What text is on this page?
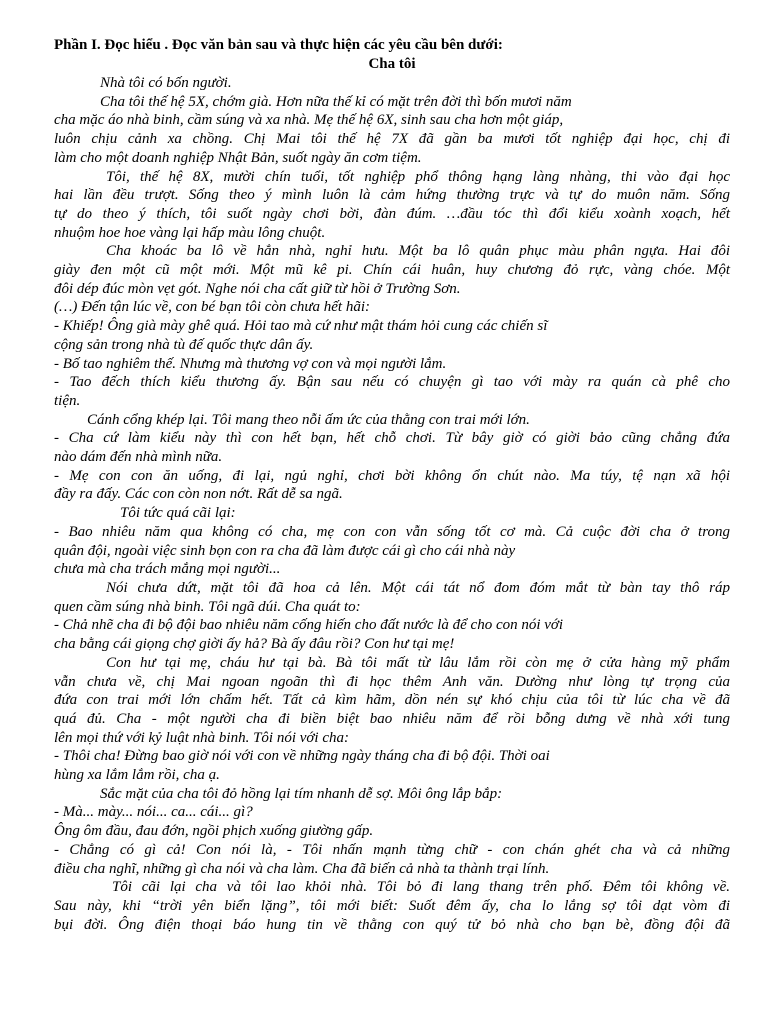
Phần I. Đọc hiểu . Đọc văn bản sau và thực hiện các yêu cầu bên dưới:

Cha tôi

Nhà tôi có bốn người.
Cha tôi thế hệ 5X, chớm già. Hơn nữa thế kỉ có mặt trên đời thì bốn mươi năm
cha mặc áo nhà binh, cầm súng và xa nhà. Mẹ thế hệ 6X, sinh sau cha hơn một giáp,
luôn chịu cảnh xa chồng. Chị Mai tôi thế hệ 7X đã gần ba mươi tốt nghiệp đại học, chị đi
làm cho một doanh nghiệp Nhật Bản, suốt ngày ăn cơm tiệm.
Tôi, thế hệ 8X, mười chín tuổi, tốt nghiệp phổ thông hạng làng nhàng, thi vào đại học
hai lần đều trượt. Sống theo ý mình luôn là cảm hứng thường trực và tự do muôn năm. Sống
tự do theo ý thích, tôi suốt ngày chơi bời, đàn đúm. …đầu tóc thì đổi kiểu xoành xoạch, hết
nhuộm hoe hoe vàng lại hấp màu lông chuột.
Cha khoác ba lô về hẳn nhà, nghỉ hưu. Một ba lô quân phục màu phân ngựa. Hai đôi
giày đen một cũ một mới. Một mũ kê pi. Chín cái huân, huy chương đỏ rực, vàng chóe. Một
đôi dép đúc mòn vẹt gót. Nghe nói cha cất giữ từ hồi ở Trường Sơn.
(…) Đến tận lúc về, con bé bạn tôi còn chưa hết hãi:
- Khiếp! Ông già mày ghê quá. Hỏi tao mà cứ như mật thám hỏi cung các chiến sĩ
cộng sản trong nhà tù đế quốc thực dân ấy.
- Bố tao nghiêm thế. Nhưng mà thương vợ con và mọi người lắm.
- Tao đếch thích kiểu thương ấy. Bận sau nếu có chuyện gì tao với mày ra quán cà phê cho
tiện.
Cánh cổng khép lại. Tôi mang theo nỗi ấm ức của thằng con trai mới lớn.
- Cha cứ làm kiểu này thì con hết bạn, hết chỗ chơi. Từ bây giờ có giời bảo cũng chẳng đứa
nào dám đến nhà mình nữa.
- Mẹ con con ăn uống, đi lại, ngủ nghỉ, chơi bời không ổn chút nào. Ma túy, tệ nạn xã hội
đầy ra đấy. Các con còn non nớt. Rất dễ sa ngã.
Tôi tức quá cãi lại:
- Bao nhiêu năm qua không có cha, mẹ con con vẫn sống tốt cơ mà. Cả cuộc đời cha ở trong
quân đội, ngoài việc sinh bọn con ra cha đã làm được cái gì cho cái nhà này
chưa mà cha trách mắng mọi người...
Nói chưa dứt, mặt tôi đã hoa cả lên. Một cái tát nổ đom đóm mắt từ bàn tay thô ráp
quen cầm súng nhà binh. Tôi ngã dúi. Cha quát to:
- Chả nhẽ cha đi bộ đội bao nhiêu năm cống hiến cho đất nước là để cho con nói với
cha bằng cái giọng chợ giời ấy hả? Bà ấy đâu rồi? Con hư tại mẹ!
Con hư tại mẹ, cháu hư tại bà. Bà tôi mất từ lâu lắm rồi còn mẹ ở cửa hàng mỹ phẩm
vẫn chưa về, chị Mai ngoan ngoãn thì đi học thêm Anh văn. Dường như lòng tự trọng của
đứa con trai mới lớn chấm hết. Tất cả kìm hãm, dồn nén sự khó chịu của tôi từ lúc cha về đã
quá đủ. Cha - một người cha đi biền biệt bao nhiêu năm để rồi bỗng dưng về nhà xới tung
lên mọi thứ với kỷ luật nhà binh. Tôi nói với cha:
- Thôi cha! Đừng bao giờ nói với con về những ngày tháng cha đi bộ đội. Thời oai
hùng xa lắm lắm rồi, cha ạ.
Sắc mặt của cha tôi đỏ hồng lại tím nhanh dễ sợ. Môi ông lắp bắp:
- Mà... mày... nói... ca... cái... gì?
Ông ôm đầu, đau đớn, ngồi phịch xuống giường gấp.
- Chẳng có gì cả! Con nói là, - Tôi nhấn mạnh từng chữ - con chán ghét cha và cả những
điều cha nghĩ, những gì cha nói và cha làm. Cha đã biến cả nhà ta thành trại lính.
Tôi cãi lại cha và tôi lao khỏi nhà. Tôi bỏ đi lang thang trên phố. Đêm tôi không về.
Sau này, khi “trời yên biển lặng”, tôi mới biết: Suốt đêm ấy, cha lo lắng sợ tôi dạt vòm đi
bụi đời. Ông điện thoại báo hung tin về thằng con quý tử bỏ nhà cho bạn bè, đồng đội đã
